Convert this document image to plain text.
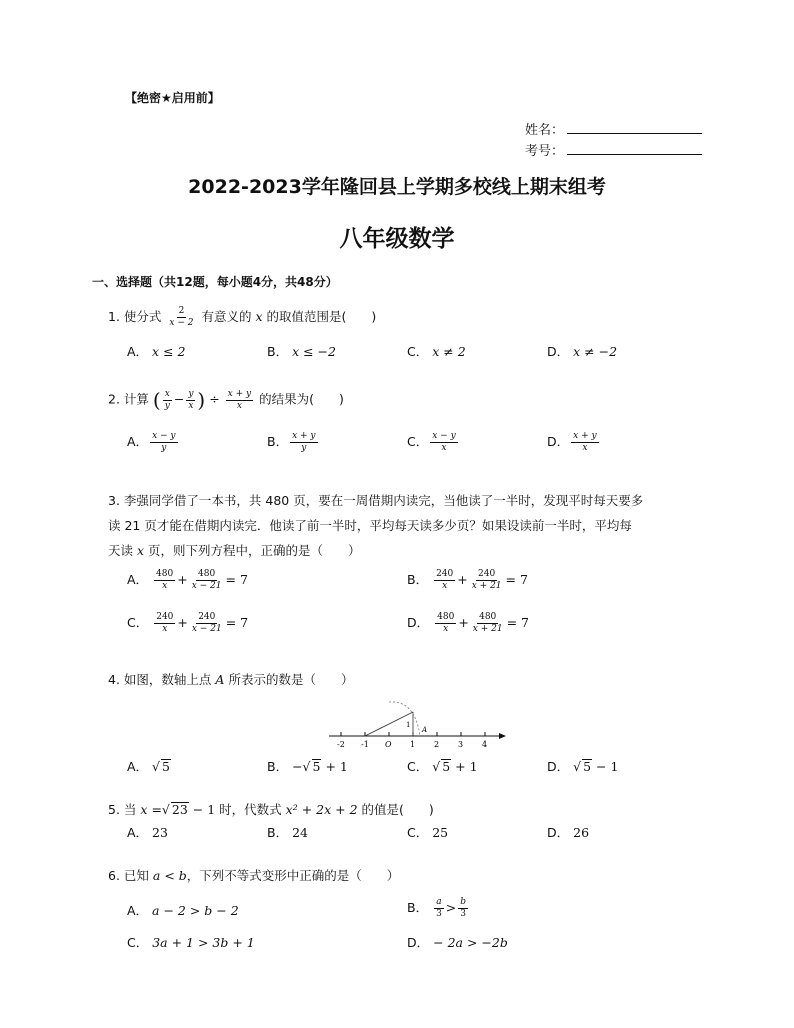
【绝密★启用前】
姓名：
考号：
2022-2023学年隆回县上学期多校线上期末组考
八年级数学
一、选择题（共12题，每小题4分，共48分）
1. 使分式 $\frac{2}{x - 2}$ 有意义的 x 的取值范围是(　　)
A． x ≤ 2	B． x ≤ −2	C． x ≠ 2	D． x ≠ −2
2. 计算 ( $\frac{x}{y} - \frac{y}{x}$ ) ÷ $\frac{x + y}{x}$ 的结果为(　　)
A． $\frac{x - y}{y}$	B． $\frac{x + y}{y}$	C． $\frac{x - y}{x}$	D． $\frac{x + y}{x}$
3. 李强同学借了一本书，共 480 页，要在一周借期内读完，当他读了一半时，发现平时每天要多
读 21 页才能在借期内读完．他读了前一半时，平均每天读多少页？如果设读前一半时，平均每
天读 x 页，则下列方程中，正确的是（　　）
A． $\frac{480}{x} + \frac{480}{x - 21} = 7$	B． $\frac{240}{x} + \frac{240}{x + 21} = 7$
C． $\frac{240}{x} + \frac{240}{x - 21} = 7$	D． $\frac{480}{x} + \frac{480}{x + 21} = 7$
4. 如图，数轴上点 A 所表示的数是（　　）
-2 -1 O 1 2 3 4
1
A
A． √ 5	B． −√ 5 + 1	C． √ 5 + 1	D． √ 5 − 1
5. 当 x =√ 23 − 1 时，代数式 x² + 2x + 2 的值是(　　)
A． 23	B． 24	C． 25	D． 26
6. 已知 a < b，下列不等式变形中正确的是（　　）
A． a − 2 > b − 2	B． $\frac{a}{3} > \frac{b}{3}$
C． 3a + 1 > 3b + 1	D． − 2a > −2b
